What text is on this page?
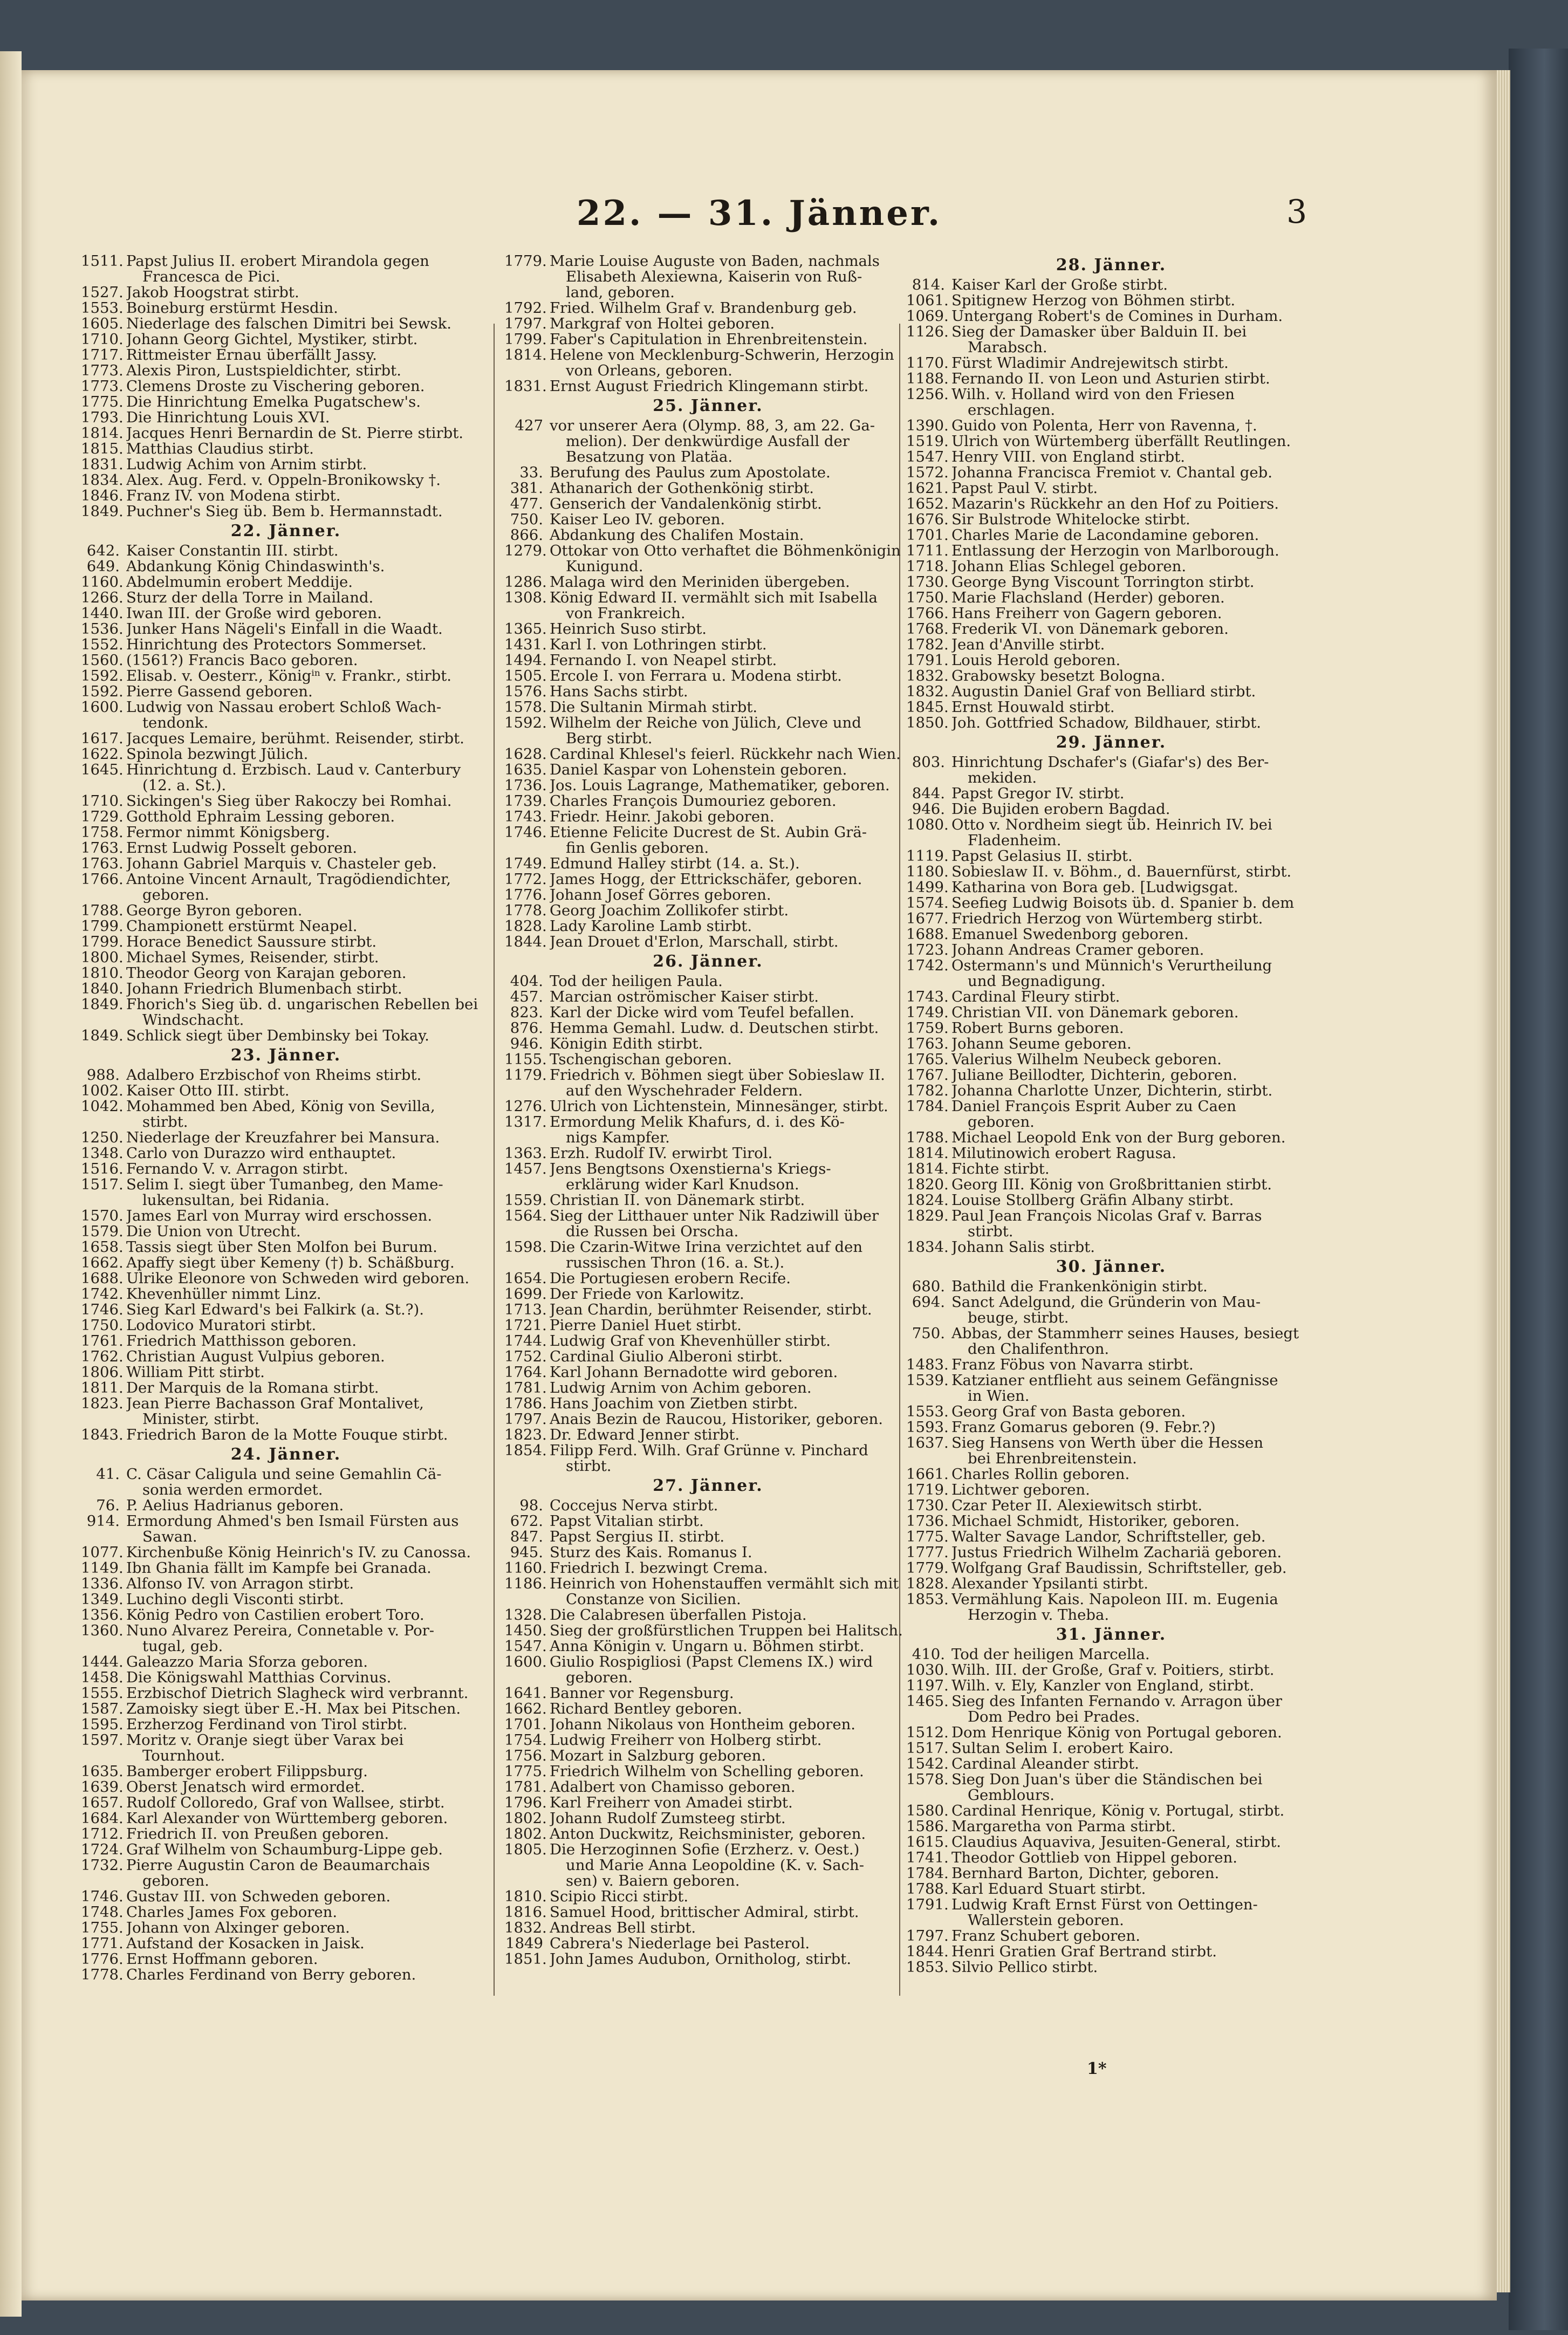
22. — 31. Jänner.	3
1511. Papst Julius II. erobert Mirandola gegen
Francesca de Pici.
1527. Jakob Hoogstrat stirbt.
1553. Boineburg erstürmt Hesdin.
1605. Niederlage des falschen Dimitri bei Sewsk.
1710. Johann Georg Gichtel, Mystiker, stirbt.
1717. Rittmeister Ernau überfällt Jassy.
1773. Alexis Piron, Lustspieldichter, stirbt.
1773. Clemens Droste zu Vischering geboren.
1775. Die Hinrichtung Emelka Pugatschew's.
1793. Die Hinrichtung Louis XVI.
1814. Jacques Henri Bernardin de St. Pierre stirbt.
1815. Matthias Claudius stirbt.
1831. Ludwig Achim von Arnim stirbt.
1834. Alex. Aug. Ferd. v. Oppeln-Bronikowsky †.
1846. Franz IV. von Modena stirbt.
1849. Puchner's Sieg üb. Bem b. Hermannstadt.
22. Jänner.
642. Kaiser Constantin III. stirbt.
649. Abdankung König Chindaswinth's.
1160. Abdelmumin erobert Meddije.
1266. Sturz der della Torre in Mailand.
1440. Iwan III. der Große wird geboren.
1536. Junker Hans Nägeli's Einfall in die Waadt.
1552. Hinrichtung des Protectors Sommerset.
1560. (1561?) Francis Baco geboren.
1592. Elisab. v. Oesterr., Königⁱⁿ v. Frankr., stirbt.
1592. Pierre Gassend geboren.
1600. Ludwig von Nassau erobert Schloß Wach-
tendonk.
1617. Jacques Lemaire, berühmt. Reisender, stirbt.
1622. Spinola bezwingt Jülich.
1645. Hinrichtung d. Erzbisch. Laud v. Canterbury
(12. a. St.).
1710. Sickingen's Sieg über Rakoczy bei Romhai.
1729. Gotthold Ephraim Lessing geboren.
1758. Fermor nimmt Königsberg.
1763. Ernst Ludwig Posselt geboren.
1763. Johann Gabriel Marquis v. Chasteler geb.
1766. Antoine Vincent Arnault, Tragödiendichter,
geboren.
1788. George Byron geboren.
1799. Championett erstürmt Neapel.
1799. Horace Benedict Saussure stirbt.
1800. Michael Symes, Reisender, stirbt.
1810. Theodor Georg von Karajan geboren.
1840. Johann Friedrich Blumenbach stirbt.
1849. Fhorich's Sieg üb. d. ungarischen Rebellen bei
Windschacht.
1849. Schlick siegt über Dembinsky bei Tokay.
23. Jänner.
988. Adalbero Erzbischof von Rheims stirbt.
1002. Kaiser Otto III. stirbt.
1042. Mohammed ben Abed, König von Sevilla,
stirbt.
1250. Niederlage der Kreuzfahrer bei Mansura.
1348. Carlo von Durazzo wird enthauptet.
1516. Fernando V. v. Arragon stirbt.
1517. Selim I. siegt über Tumanbeg, den Mame-
lukensultan, bei Ridania.
1570. James Earl von Murray wird erschossen.
1579. Die Union von Utrecht.
1658. Tassis siegt über Sten Molfon bei Burum.
1662. Apaffy siegt über Kemeny (†) b. Schäßburg.
1688. Ulrike Eleonore von Schweden wird geboren.
1742. Khevenhüller nimmt Linz.
1746. Sieg Karl Edward's bei Falkirk (a. St.?).
1750. Lodovico Muratori stirbt.
1761. Friedrich Matthisson geboren.
1762. Christian August Vulpius geboren.
1806. William Pitt stirbt.
1811. Der Marquis de la Romana stirbt.
1823. Jean Pierre Bachasson Graf Montalivet,
Minister, stirbt.
1843. Friedrich Baron de la Motte Fouque stirbt.
24. Jänner.
41. C. Cäsar Caligula und seine Gemahlin Cä-
sonia werden ermordet.
76. P. Aelius Hadrianus geboren.
914. Ermordung Ahmed's ben Ismail Fürsten aus
Sawan.
1077. Kirchenbuße König Heinrich's IV. zu Canossa.
1149. Ibn Ghania fällt im Kampfe bei Granada.
1336. Alfonso IV. von Arragon stirbt.
1349. Luchino degli Visconti stirbt.
1356. König Pedro von Castilien erobert Toro.
1360. Nuno Alvarez Pereira, Connetable v. Por-
tugal, geb.
1444. Galeazzo Maria Sforza geboren.
1458. Die Königswahl Matthias Corvinus.
1555. Erzbischof Dietrich Slagheck wird verbrannt.
1587. Zamoisky siegt über E.-H. Max bei Pitschen.
1595. Erzherzog Ferdinand von Tirol stirbt.
1597. Moritz v. Oranje siegt über Varax bei
Tournhout.
1635. Bamberger erobert Filippsburg.
1639. Oberst Jenatsch wird ermordet.
1657. Rudolf Colloredo, Graf von Wallsee, stirbt.
1684. Karl Alexander von Württemberg geboren.
1712. Friedrich II. von Preußen geboren.
1724. Graf Wilhelm von Schaumburg-Lippe geb.
1732. Pierre Augustin Caron de Beaumarchais
geboren.
1746. Gustav III. von Schweden geboren.
1748. Charles James Fox geboren.
1755. Johann von Alxinger geboren.
1771. Aufstand der Kosacken in Jaisk.
1776. Ernst Hoffmann geboren.
1778. Charles Ferdinand von Berry geboren.
1779. Marie Louise Auguste von Baden, nachmals
Elisabeth Alexiewna, Kaiserin von Ruß-
land, geboren.
1792. Fried. Wilhelm Graf v. Brandenburg geb.
1797. Markgraf von Holtei geboren.
1799. Faber's Capitulation in Ehrenbreitenstein.
1814. Helene von Mecklenburg-Schwerin, Herzogin
von Orleans, geboren.
1831. Ernst August Friedrich Klingemann stirbt.
25. Jänner.
427 vor unserer Aera (Olymp. 88, 3, am 22. Ga-
melion). Der denkwürdige Ausfall der
Besatzung von Platäa.
33. Berufung des Paulus zum Apostolate.
381. Athanarich der Gothenkönig stirbt.
477. Genserich der Vandalenkönig stirbt.
750. Kaiser Leo IV. geboren.
866. Abdankung des Chalifen Mostain.
1279. Ottokar von Otto verhaftet die Böhmenkönigin
Kunigund.
1286. Malaga wird den Meriniden übergeben.
1308. König Edward II. vermählt sich mit Isabella
von Frankreich.
1365. Heinrich Suso stirbt.
1431. Karl I. von Lothringen stirbt.
1494. Fernando I. von Neapel stirbt.
1505. Ercole I. von Ferrara u. Modena stirbt.
1576. Hans Sachs stirbt.
1578. Die Sultanin Mirmah stirbt.
1592. Wilhelm der Reiche von Jülich, Cleve und
Berg stirbt.
1628. Cardinal Khlesel's feierl. Rückkehr nach Wien.
1635. Daniel Kaspar von Lohenstein geboren.
1736. Jos. Louis Lagrange, Mathematiker, geboren.
1739. Charles François Dumouriez geboren.
1743. Friedr. Heinr. Jakobi geboren.
1746. Etienne Felicite Ducrest de St. Aubin Grä-
fin Genlis geboren.
1749. Edmund Halley stirbt (14. a. St.).
1772. James Hogg, der Ettrickschäfer, geboren.
1776. Johann Josef Görres geboren.
1778. Georg Joachim Zollikofer stirbt.
1828. Lady Karoline Lamb stirbt.
1844. Jean Drouet d'Erlon, Marschall, stirbt.
26. Jänner.
404. Tod der heiligen Paula.
457. Marcian oströmischer Kaiser stirbt.
823. Karl der Dicke wird vom Teufel befallen.
876. Hemma Gemahl. Ludw. d. Deutschen stirbt.
946. Königin Edith stirbt.
1155. Tschengischan geboren.
1179. Friedrich v. Böhmen siegt über Sobieslaw II.
auf den Wyschehrader Feldern.
1276. Ulrich von Lichtenstein, Minnesänger, stirbt.
1317. Ermordung Melik Khafurs, d. i. des Kö-
nigs Kampfer.
1363. Erzh. Rudolf IV. erwirbt Tirol.
1457. Jens Bengtsons Oxenstierna's Kriegs-
erklärung wider Karl Knudson.
1559. Christian II. von Dänemark stirbt.
1564. Sieg der Litthauer unter Nik Radziwill über
die Russen bei Orscha.
1598. Die Czarin-Witwe Irina verzichtet auf den
russischen Thron (16. a. St.).
1654. Die Portugiesen erobern Recife.
1699. Der Friede von Karlowitz.
1713. Jean Chardin, berühmter Reisender, stirbt.
1721. Pierre Daniel Huet stirbt.
1744. Ludwig Graf von Khevenhüller stirbt.
1752. Cardinal Giulio Alberoni stirbt.
1764. Karl Johann Bernadotte wird geboren.
1781. Ludwig Arnim von Achim geboren.
1786. Hans Joachim von Zietben stirbt.
1797. Anais Bezin de Raucou, Historiker, geboren.
1823. Dr. Edward Jenner stirbt.
1854. Filipp Ferd. Wilh. Graf Grünne v. Pinchard
stirbt.
27. Jänner.
98. Coccejus Nerva stirbt.
672. Papst Vitalian stirbt.
847. Papst Sergius II. stirbt.
945. Sturz des Kais. Romanus I.
1160. Friedrich I. bezwingt Crema.
1186. Heinrich von Hohenstauffen vermählt sich mit
Constanze von Sicilien.
1328. Die Calabresen überfallen Pistoja.
1450. Sieg der großfürstlichen Truppen bei Halitsch.
1547. Anna Königin v. Ungarn u. Böhmen stirbt.
1600. Giulio Rospigliosi (Papst Clemens IX.) wird
geboren.
1641. Banner vor Regensburg.
1662. Richard Bentley geboren.
1701. Johann Nikolaus von Hontheim geboren.
1754. Ludwig Freiherr von Holberg stirbt.
1756. Mozart in Salzburg geboren.
1775. Friedrich Wilhelm von Schelling geboren.
1781. Adalbert von Chamisso geboren.
1796. Karl Freiherr von Amadei stirbt.
1802. Johann Rudolf Zumsteeg stirbt.
1802. Anton Duckwitz, Reichsminister, geboren.
1805. Die Herzoginnen Sofie (Erzherz. v. Oest.)
und Marie Anna Leopoldine (K. v. Sach-
sen) v. Baiern geboren.
1810. Scipio Ricci stirbt.
1816. Samuel Hood, brittischer Admiral, stirbt.
1832. Andreas Bell stirbt.
1849 Cabrera's Niederlage bei Pasterol.
1851. John James Audubon, Ornitholog, stirbt.
28. Jänner.
814. Kaiser Karl der Große stirbt.
1061. Spitignew Herzog von Böhmen stirbt.
1069. Untergang Robert's de Comines in Durham.
1126. Sieg der Damasker über Balduin II. bei
Marabsch.
1170. Fürst Wladimir Andrejewitsch stirbt.
1188. Fernando II. von Leon und Asturien stirbt.
1256. Wilh. v. Holland wird von den Friesen
erschlagen.
1390. Guido von Polenta, Herr von Ravenna, †.
1519. Ulrich von Würtemberg überfällt Reutlingen.
1547. Henry VIII. von England stirbt.
1572. Johanna Francisca Fremiot v. Chantal geb.
1621. Papst Paul V. stirbt.
1652. Mazarin's Rückkehr an den Hof zu Poitiers.
1676. Sir Bulstrode Whitelocke stirbt.
1701. Charles Marie de Lacondamine geboren.
1711. Entlassung der Herzogin von Marlborough.
1718. Johann Elias Schlegel geboren.
1730. George Byng Viscount Torrington stirbt.
1750. Marie Flachsland (Herder) geboren.
1766. Hans Freiherr von Gagern geboren.
1768. Frederik VI. von Dänemark geboren.
1782. Jean d'Anville stirbt.
1791. Louis Herold geboren.
1832. Grabowsky besetzt Bologna.
1832. Augustin Daniel Graf von Belliard stirbt.
1845. Ernst Houwald stirbt.
1850. Joh. Gottfried Schadow, Bildhauer, stirbt.
29. Jänner.
803. Hinrichtung Dschafer's (Giafar's) des Ber-
mekiden.
844. Papst Gregor IV. stirbt.
946. Die Bujiden erobern Bagdad.
1080. Otto v. Nordheim siegt üb. Heinrich IV. bei
Fladenheim.
1119. Papst Gelasius II. stirbt.
1180. Sobieslaw II. v. Böhm., d. Bauernfürst, stirbt.
1499. Katharina von Bora geb. [Ludwigsgat.
1574. Seefieg Ludwig Boisots üb. d. Spanier b. dem
1677. Friedrich Herzog von Würtemberg stirbt.
1688. Emanuel Swedenborg geboren.
1723. Johann Andreas Cramer geboren.
1742. Ostermann's und Münnich's Verurtheilung
und Begnadigung.
1743. Cardinal Fleury stirbt.
1749. Christian VII. von Dänemark geboren.
1759. Robert Burns geboren.
1763. Johann Seume geboren.
1765. Valerius Wilhelm Neubeck geboren.
1767. Juliane Beillodter, Dichterin, geboren.
1782. Johanna Charlotte Unzer, Dichterin, stirbt.
1784. Daniel François Esprit Auber zu Caen
geboren.
1788. Michael Leopold Enk von der Burg geboren.
1814. Milutinowich erobert Ragusa.
1814. Fichte stirbt.
1820. Georg III. König von Großbrittanien stirbt.
1824. Louise Stollberg Gräfin Albany stirbt.
1829. Paul Jean François Nicolas Graf v. Barras
stirbt.
1834. Johann Salis stirbt.
30. Jänner.
680. Bathild die Frankenkönigin stirbt.
694. Sanct Adelgund, die Gründerin von Mau-
beuge, stirbt.
750. Abbas, der Stammherr seines Hauses, besiegt
den Chalifenthron.
1483. Franz Föbus von Navarra stirbt.
1539. Katzianer entflieht aus seinem Gefängnisse
in Wien.
1553. Georg Graf von Basta geboren.
1593. Franz Gomarus geboren (9. Febr.?)
1637. Sieg Hansens von Werth über die Hessen
bei Ehrenbreitenstein.
1661. Charles Rollin geboren.
1719. Lichtwer geboren.
1730. Czar Peter II. Alexiewitsch stirbt.
1736. Michael Schmidt, Historiker, geboren.
1775. Walter Savage Landor, Schriftsteller, geb.
1777. Justus Friedrich Wilhelm Zachariä geboren.
1779. Wolfgang Graf Baudissin, Schriftsteller, geb.
1828. Alexander Ypsilanti stirbt.
1853. Vermählung Kais. Napoleon III. m. Eugenia
Herzogin v. Theba.
31. Jänner.
410. Tod der heiligen Marcella.
1030. Wilh. III. der Große, Graf v. Poitiers, stirbt.
1197. Wilh. v. Ely, Kanzler von England, stirbt.
1465. Sieg des Infanten Fernando v. Arragon über
Dom Pedro bei Prades.
1512. Dom Henrique König von Portugal geboren.
1517. Sultan Selim I. erobert Kairo.
1542. Cardinal Aleander stirbt.
1578. Sieg Don Juan's über die Ständischen bei
Gemblours.
1580. Cardinal Henrique, König v. Portugal, stirbt.
1586. Margaretha von Parma stirbt.
1615. Claudius Aquaviva, Jesuiten-General, stirbt.
1741. Theodor Gottlieb von Hippel geboren.
1784. Bernhard Barton, Dichter, geboren.
1788. Karl Eduard Stuart stirbt.
1791. Ludwig Kraft Ernst Fürst von Oettingen-
Wallerstein geboren.
1797. Franz Schubert geboren.
1844. Henri Gratien Graf Bertrand stirbt.
1853. Silvio Pellico stirbt.
1*
